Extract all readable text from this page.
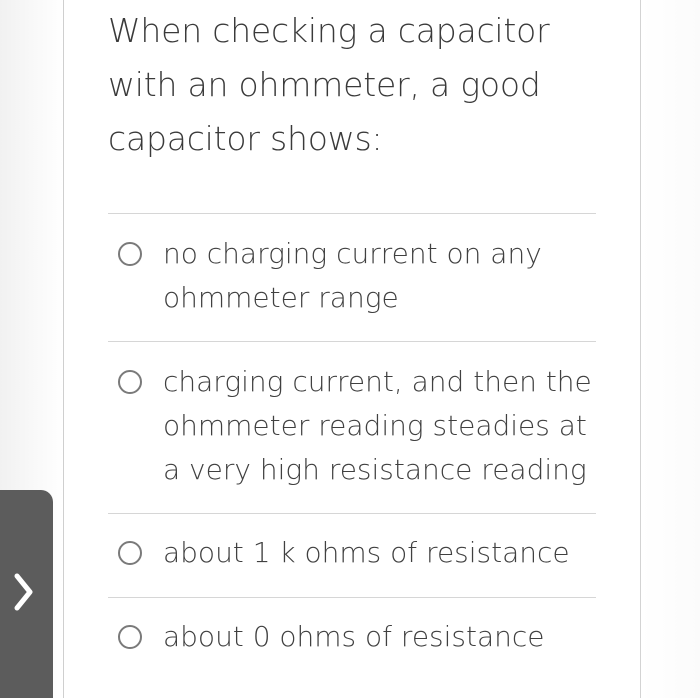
When checking a capacitor with an ohmmeter, a good capacitor shows:
no charging current on any ohmmeter range
charging current, and then the ohmmeter reading steadies at a very high resistance reading
about 1 k ohms of resistance
about 0 ohms of resistance
